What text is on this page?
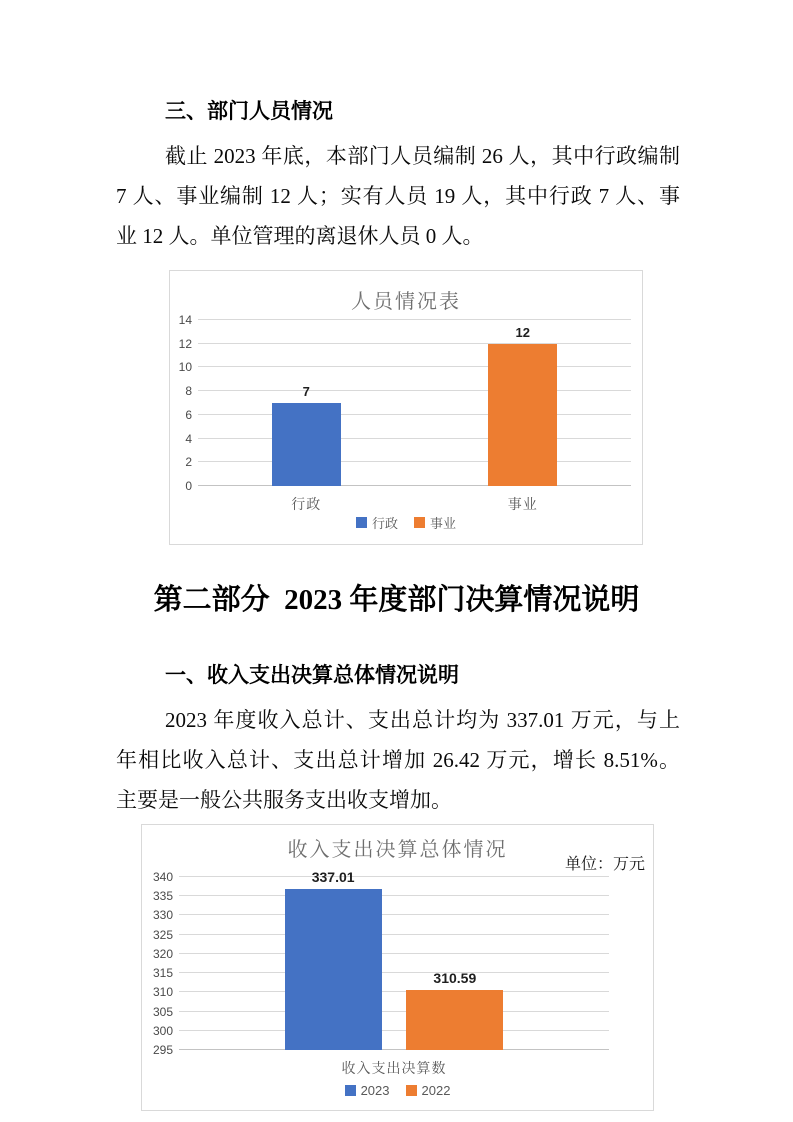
三、部门人员情况
截止 2023 年底，本部门人员编制 26 人，其中行政编制
7 人、事业编制 12 人；实有人员 19 人，其中行政 7 人、事
业 12 人。单位管理的离退休人员 0 人。
人员情况表
7
12
行政	事业
0
2
4
6
8
10
12
14
行政 事业
第二部分  2023 年度部门决算情况说明
一、收入支出决算总体情况说明
2023 年度收入总计、支出总计均为 337.01 万元，与上
年相比收入总计、支出总计增加 26.42 万元，增长 8.51%。
主要是一般公共服务支出收支增加。
收入支出决算总体情况
单位：万元
337.01
310.59
收入支出决算数
295
300
305
310
315
320
325
330
335
340
2023 2022
